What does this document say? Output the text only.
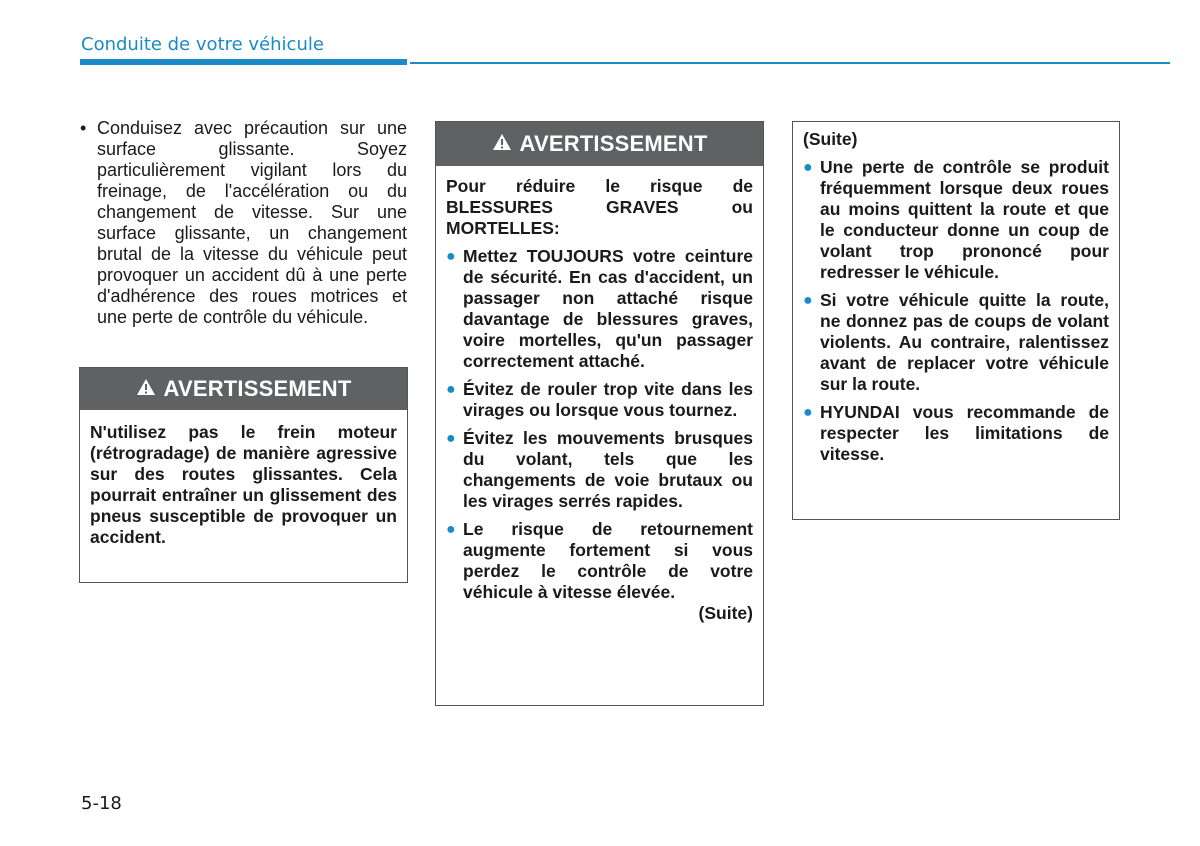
Conduite de votre véhicule
• Conduisez avec précaution sur une surface glissante. Soyez particulièrement vigilant lors du freinage, de l'accélération ou du changement de vitesse. Sur une surface glissante, un changement brutal de la vitesse du véhicule peut provoquer un accident dû à une perte d'adhérence des roues motrices et une perte de contrôle du véhicule.
AVERTISSEMENT

N'utilisez pas le frein moteur (rétrogradage) de manière agressive sur des routes glissantes. Cela pourrait entraîner un glissement des pneus susceptible de provoquer un accident.

AVERTISSEMENT

Pour réduire le risque de BLESSURES GRAVES ou MORTELLES:

● Mettez TOUJOURS votre ceinture de sécurité. En cas d'accident, un passager non attaché risque davantage de blessures graves, voire mortelles, qu'un passager correctement attaché.
● Évitez de rouler trop vite dans les virages ou lorsque vous tournez.
● Évitez les mouvements brusques du volant, tels que les changements de voie brutaux ou les virages serrés rapides.
● Le risque de retournement augmente fortement si vous perdez le contrôle de votre véhicule à vitesse élevée.

(Suite)

(Suite)

● Une perte de contrôle se produit fréquemment lorsque deux roues au moins quittent la route et que le conducteur donne un coup de volant trop prononcé pour redresser le véhicule.
● Si votre véhicule quitte la route, ne donnez pas de coups de volant violents. Au contraire, ralentissez avant de replacer votre véhicule sur la route.
● HYUNDAI vous recommande de respecter les limitations de vitesse.
5-18
